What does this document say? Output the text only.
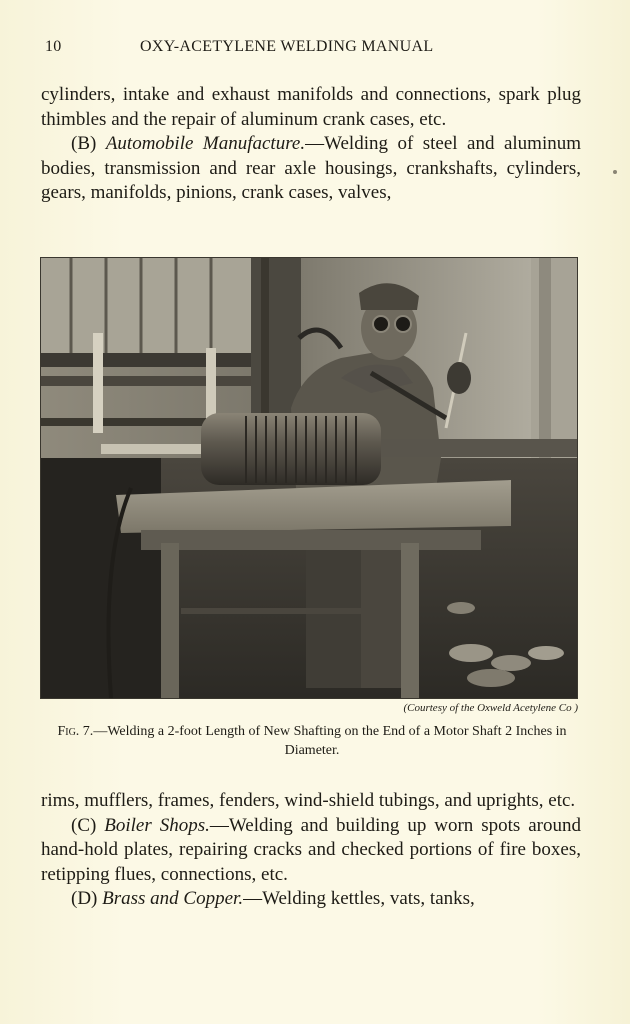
10	OXY-ACETYLENE WELDING MANUAL

cylinders, intake and exhaust manifolds and connections, spark plug thimbles and the repair of aluminum crank cases, etc.

(B) Automobile Manufacture.—Welding of steel and aluminum bodies, transmission and rear axle housings, crankshafts, cylinders, gears, manifolds, pinions, crank cases, valves,

(Courtesy of the Oxweld Acetylene Co )
Fig. 7.—Welding a 2-foot Length of New Shafting on the End of a Motor Shaft 2 Inches in Diameter.

rims, mufflers, frames, fenders, wind-shield tubings, and uprights, etc.

(C) Boiler Shops.—Welding and building up worn spots around hand-hold plates, repairing cracks and checked portions of fire boxes, retipping flues, connections, etc.

(D) Brass and Copper.—Welding kettles, vats, tanks,
